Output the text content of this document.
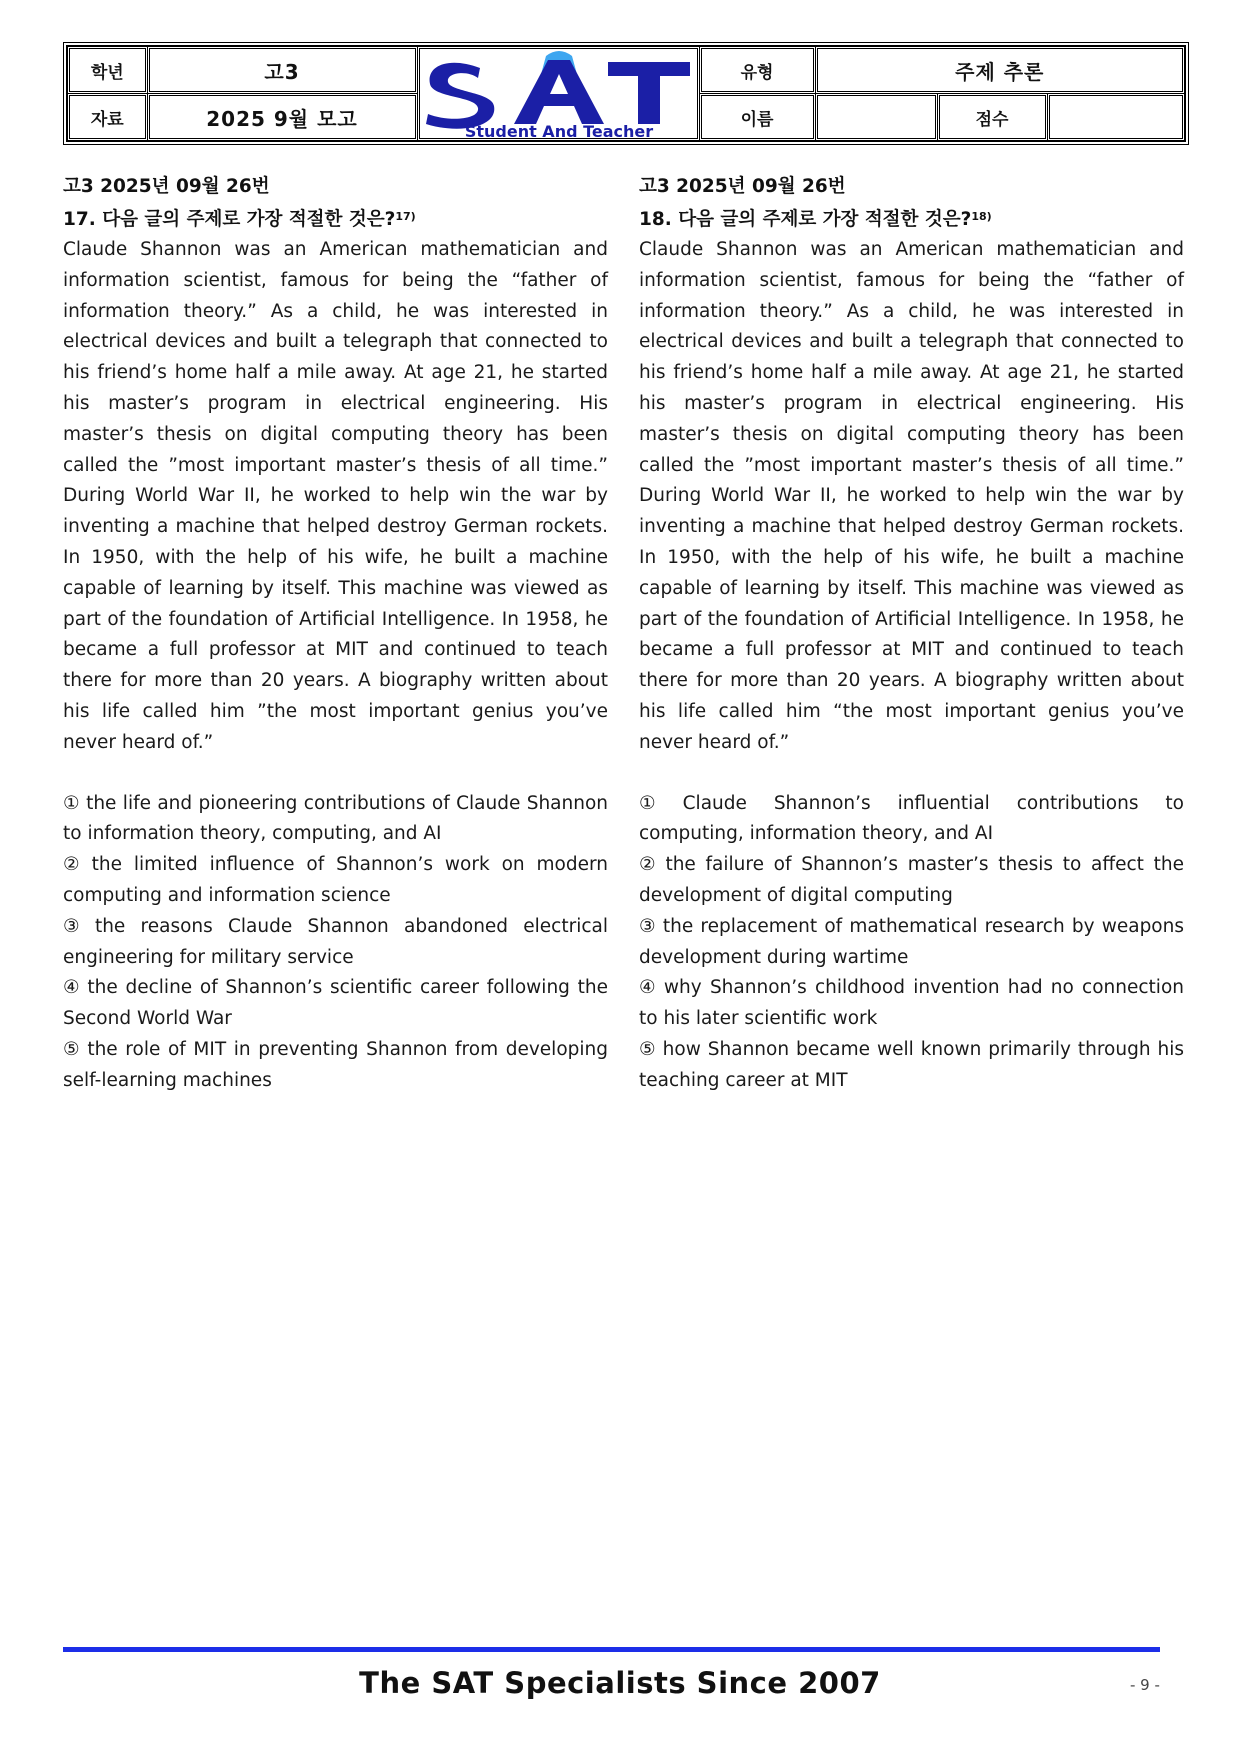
학년	고3	Student And Teacher	유형	주제 추론		
자료	2025 9월 모고		이름		점수	

고3 2025년 09월 26번

17. 다음 글의 주제로 가장 적절한 것은?$^{17)}$

Claude Shannon was an American mathematician and information scientist, famous for being the “father of information theory.” As a child, he was interested in electrical devices and built a telegraph that connected to his friend’s home half a mile away. At age 21, he started his master’s program in electrical engineering. His master’s thesis on digital computing theory has been called the ”most important master’s thesis of all time.” During World War II, he worked to help win the war by inventing a machine that helped destroy German rockets. In 1950, with the help of his wife, he built a machine capable of learning by itself. This machine was viewed as part of the foundation of Artificial Intelligence. In 1958, he became a full professor at MIT and continued to teach there for more than 20 years. A biography written about his life called him ”the most important genius you’ve never heard of.”

① the life and pioneering contributions of Claude Shannon to information theory, computing, and AI
② the limited influence of Shannon’s work on modern computing and information science
③ the reasons Claude Shannon abandoned electrical engineering for military service
④ the decline of Shannon’s scientific career following the Second World War
⑤ the role of MIT in preventing Shannon from developing self-learning machines

고3 2025년 09월 26번

18. 다음 글의 주제로 가장 적절한 것은?$^{18)}$

Claude Shannon was an American mathematician and information scientist, famous for being the “father of information theory.” As a child, he was interested in electrical devices and built a telegraph that connected to his friend’s home half a mile away. At age 21, he started his master’s program in electrical engineering. His master’s thesis on digital computing theory has been called the ”most important master’s thesis of all time.” During World War II, he worked to help win the war by inventing a machine that helped destroy German rockets. In 1950, with the help of his wife, he built a machine capable of learning by itself. This machine was viewed as part of the foundation of Artificial Intelligence. In 1958, he became a full professor at MIT and continued to teach there for more than 20 years. A biography written about his life called him “the most important genius you’ve never heard of.”

① Claude Shannon’s influential contributions to computing, information theory, and AI
② the failure of Shannon’s master’s thesis to affect the development of digital computing
③ the replacement of mathematical research by weapons development during wartime
④ why Shannon’s childhood invention had no connection to his later scientific work
⑤ how Shannon became well known primarily through his teaching career at MIT
The SAT Specialists Since 2007	- 9 -
